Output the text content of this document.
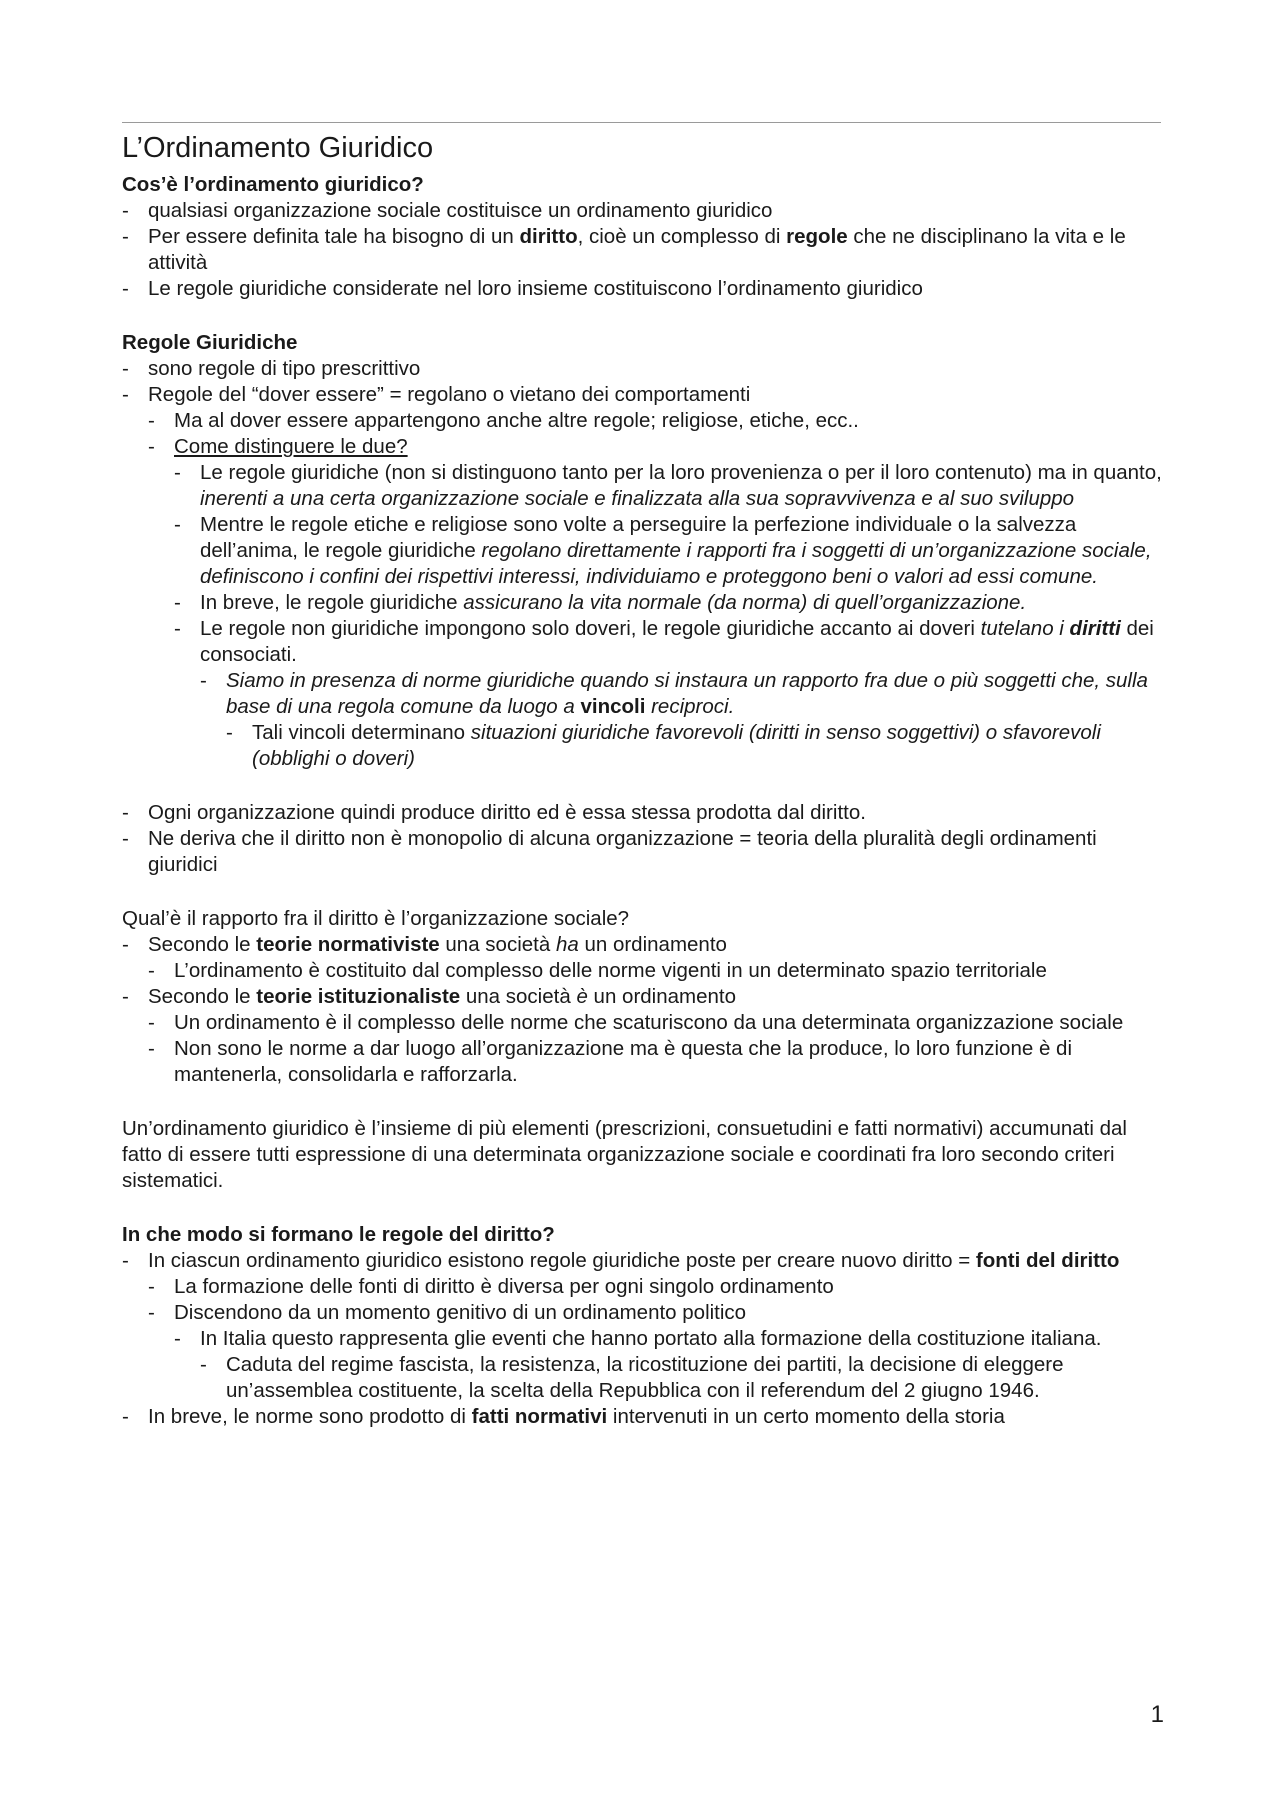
L’Ordinamento Giuridico
Cos’è l’ordinamento giuridico?
- qualsiasi organizzazione sociale costituisce un ordinamento giuridico
- Per essere definita tale ha bisogno di un diritto, cioè un complesso di regole che ne disciplinano la vita e le attività
- Le regole giuridiche considerate nel loro insieme costituiscono l’ordinamento giuridico
Regole Giuridiche
- sono regole di tipo prescrittivo
- Regole del “dover essere” = regolano o vietano dei comportamenti
- Ma al dover essere appartengono anche altre regole; religiose, etiche, ecc..
- Come distinguere le due?
- Le regole giuridiche (non si distinguono tanto per la loro provenienza o per il loro contenuto) ma in quanto, inerenti a una certa organizzazione sociale e finalizzata alla sua sopravvivenza e al suo sviluppo
- Mentre le regole etiche e religiose sono volte a perseguire la perfezione individuale o la salvezza dell’anima, le regole giuridiche regolano direttamente i rapporti fra i soggetti di un’organizzazione sociale, definiscono i confini dei rispettivi interessi, individuiamo e proteggono beni o valori ad essi comune.
- In breve, le regole giuridiche assicurano la vita normale (da norma) di quell’organizzazione.
- Le regole non giuridiche impongono solo doveri, le regole giuridiche accanto ai doveri tutelano i diritti dei consociati.
- Siamo in presenza di norme giuridiche quando si instaura un rapporto fra due o più soggetti che, sulla base di una regola comune da luogo a vincoli reciproci.
- Tali vincoli determinano situazioni giuridiche favorevoli (diritti in senso soggettivi) o sfavorevoli (obblighi o doveri)
- Ogni organizzazione quindi produce diritto ed è essa stessa prodotta dal diritto.
- Ne deriva che il diritto non è monopolio di alcuna organizzazione = teoria della pluralità degli ordinamenti giuridici
Qual’è il rapporto fra il diritto è l’organizzazione sociale?
- Secondo le teorie normativiste una società ha un ordinamento
- L’ordinamento è costituito dal complesso delle norme vigenti in un determinato spazio territoriale
- Secondo le teorie istituzionaliste una società è un ordinamento
- Un ordinamento è il complesso delle norme che scaturiscono da una determinata organizzazione sociale
- Non sono le norme a dar luogo all’organizzazione ma è questa che la produce, lo loro funzione è di mantenerla, consolidarla e rafforzarla.
Un’ordinamento giuridico è l’insieme di più elementi (prescrizioni, consuetudini e fatti normativi) accumunati dal fatto di essere tutti espressione di una determinata organizzazione sociale e coordinati fra loro secondo criteri sistematici.
In che modo si formano le regole del diritto?
- In ciascun ordinamento giuridico esistono regole giuridiche poste per creare nuovo diritto = fonti del diritto
- La formazione delle fonti di diritto è diversa per ogni singolo ordinamento
- Discendono da un momento genitivo di un ordinamento politico
- In Italia questo rappresenta glie eventi che hanno portato alla formazione della costituzione italiana.
- Caduta del regime fascista, la resistenza, la ricostituzione dei partiti, la decisione di eleggere un’assemblea costituente, la scelta della Repubblica con il referendum del 2 giugno 1946.
- In breve, le norme sono prodotto di fatti normativi intervenuti in un certo momento della storia
1
